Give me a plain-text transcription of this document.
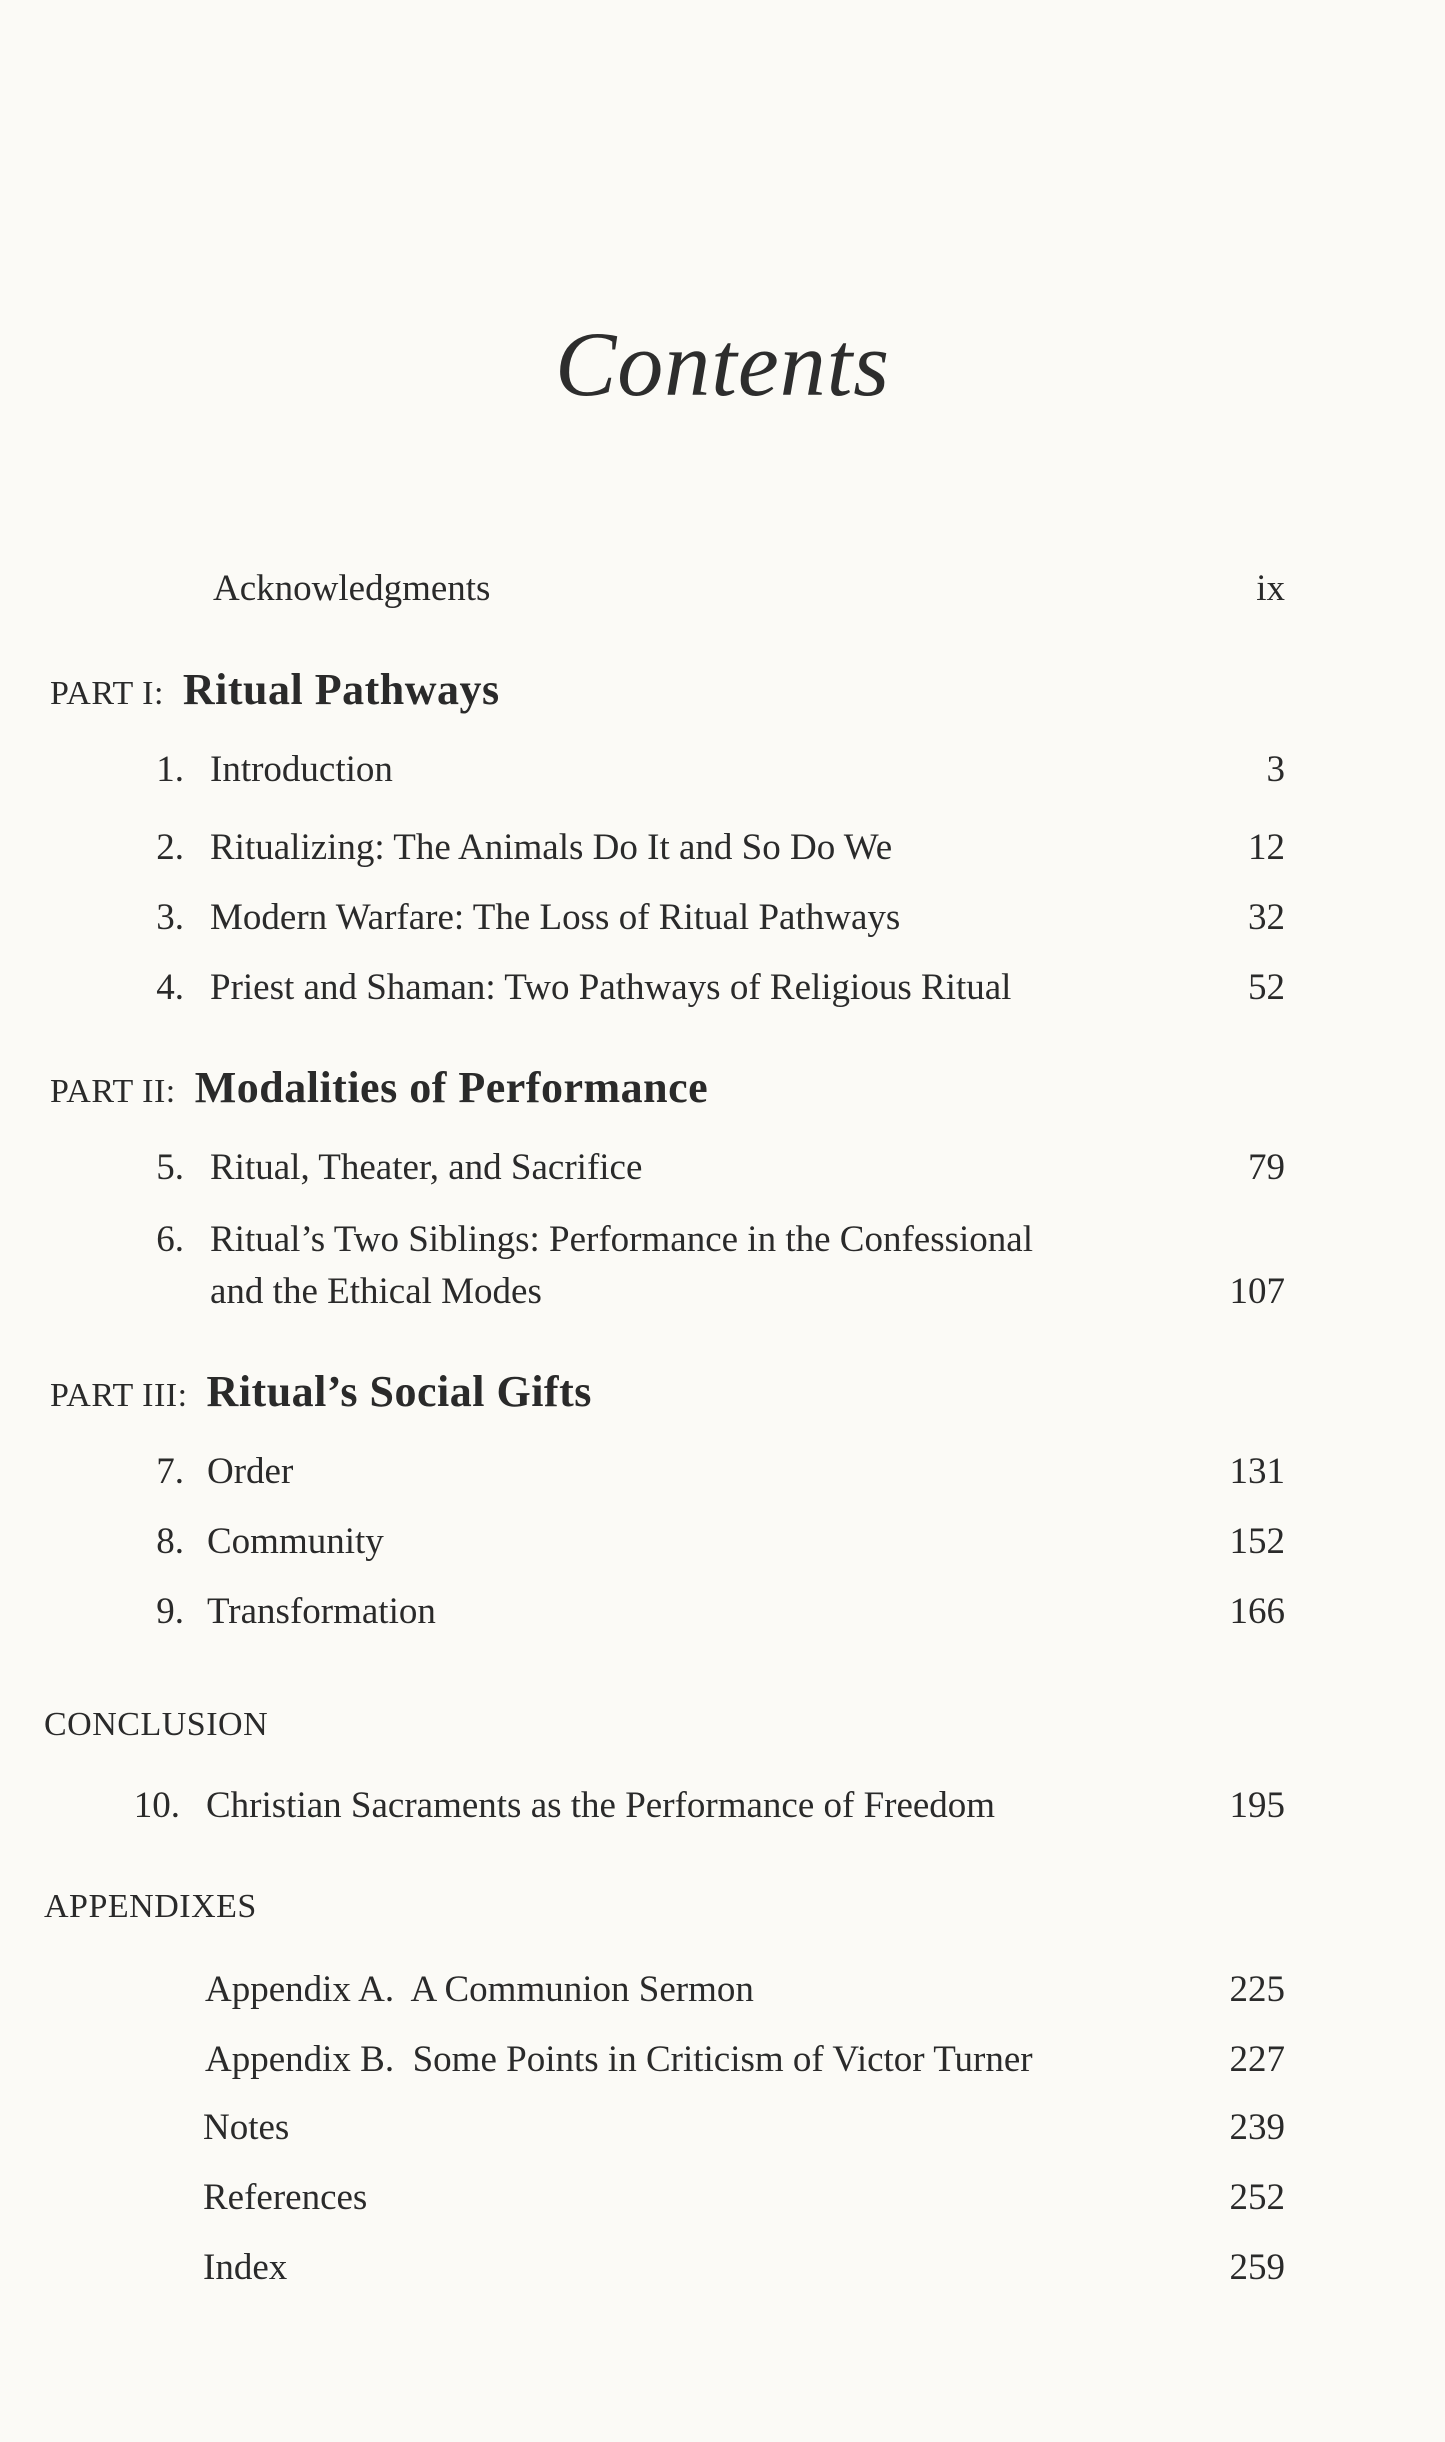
Contents
Acknowledgments	ix
PART I: Ritual Pathways
1. Introduction	3
2. Ritualizing: The Animals Do It and So Do We	12
3. Modern Warfare: The Loss of Ritual Pathways	32
4. Priest and Shaman: Two Pathways of Religious Ritual	52
PART II: Modalities of Performance
5. Ritual, Theater, and Sacrifice	79
6. Ritual’s Two Siblings: Performance in the Confessional
and the Ethical Modes	107
PART III: Ritual’s Social Gifts
7. Order	131
8. Community	152
9. Transformation	166
CONCLUSION
10. Christian Sacraments as the Performance of Freedom	195
APPENDIXES
Appendix A.  A Communion Sermon	225
Appendix B.  Some Points in Criticism of Victor Turner	227
Notes	239
References	252
Index	259
